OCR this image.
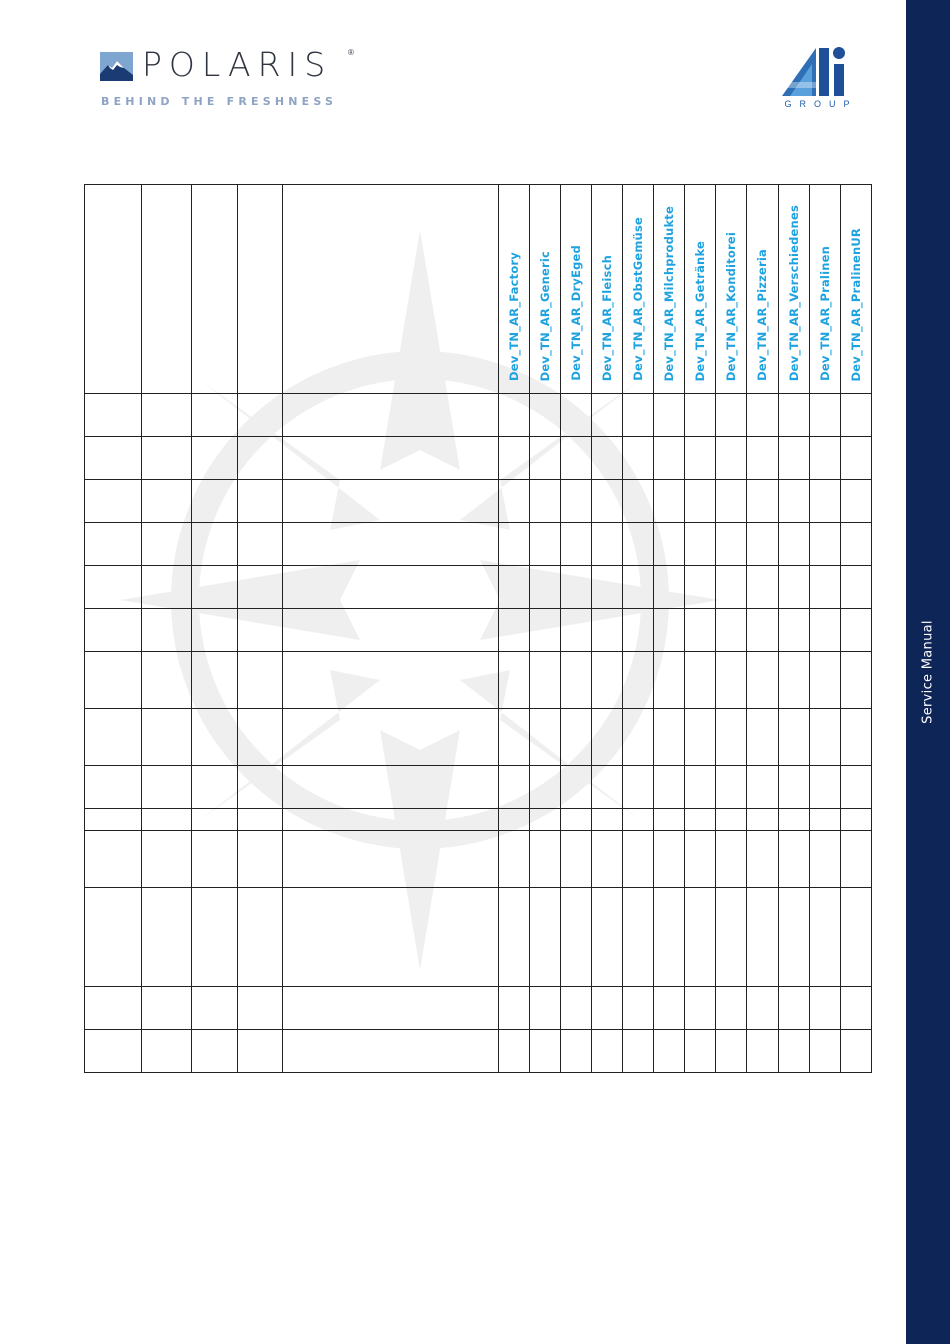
Service Manual
POLARIS ®
BEHIND THE FRESHNESS	GROUP

					Dev_TN_AR_Factory	Dev_TN_AR_Generic	Dev_TN_AR_DryEged	Dev_TN_AR_Fleisch	Dev_TN_AR_ObstGemüse	Dev_TN_AR_Milchprodukte	Dev_TN_AR_Getränke	Dev_TN_AR_Konditorei	Dev_TN_AR_Pizzeria	Dev_TN_AR_Verschiedenes	Dev_TN_AR_Pralinen	Dev_TN_AR_PralinenUR
